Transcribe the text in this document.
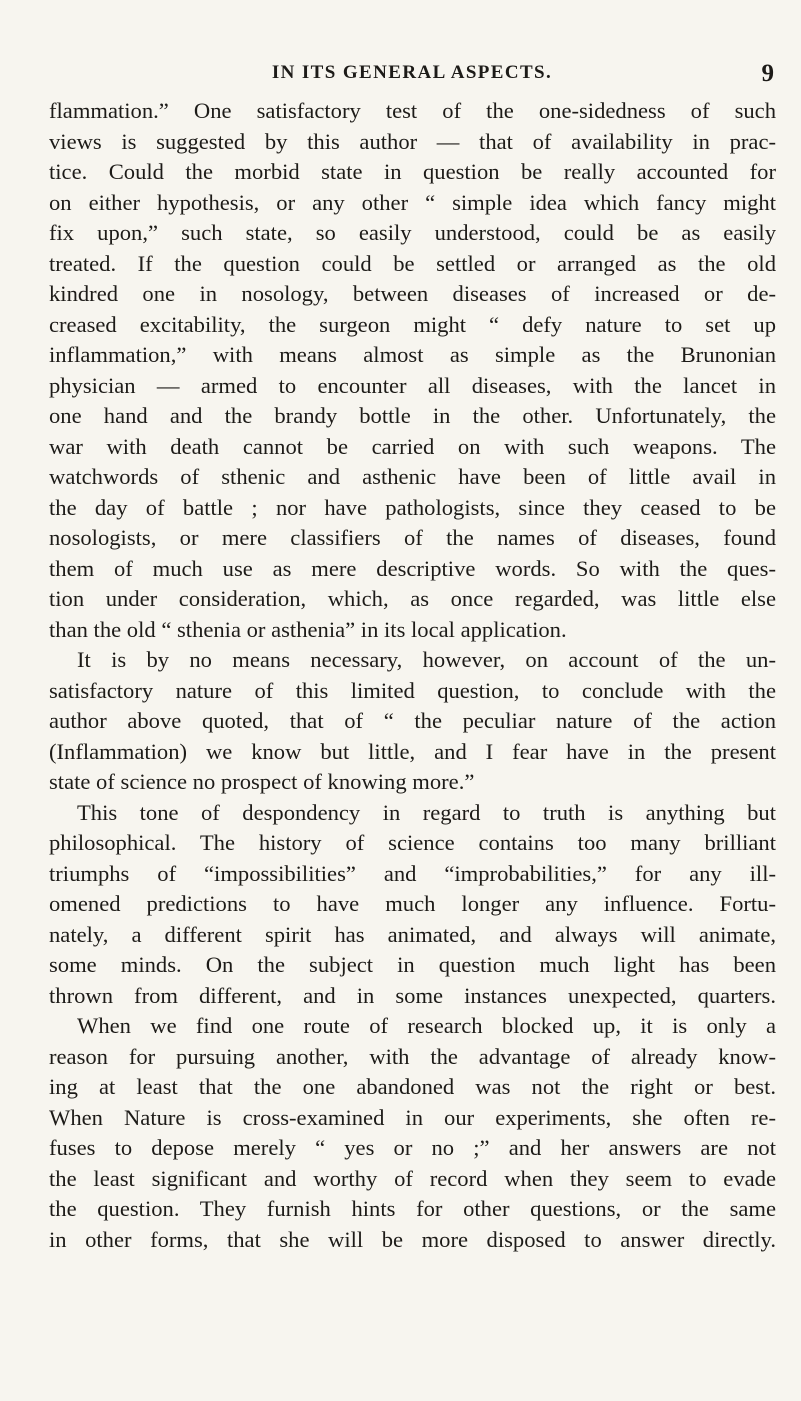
IN ITS GENERAL ASPECTS.	9
flammation.” One satisfactory test of the one-sidedness of such
views is suggested by this author — that of availability in prac-
tice. Could the morbid state in question be really accounted for
on either hypothesis, or any other “ simple idea which fancy might
fix upon,” such state, so easily understood, could be as easily
treated. If the question could be settled or arranged as the old
kindred one in nosology, between diseases of increased or de-
creased excitability, the surgeon might “ defy nature to set up
inflammation,” with means almost as simple as the Brunonian
physician — armed to encounter all diseases, with the lancet in
one hand and the brandy bottle in the other. Unfortunately, the
war with death cannot be carried on with such weapons. The
watchwords of sthenic and asthenic have been of little avail in
the day of battle ; nor have pathologists, since they ceased to be
nosologists, or mere classifiers of the names of diseases, found
them of much use as mere descriptive words. So with the ques-
tion under consideration, which, as once regarded, was little else
than the old “ sthenia or asthenia” in its local application.
It is by no means necessary, however, on account of the un-
satisfactory nature of this limited question, to conclude with the
author above quoted, that of “ the peculiar nature of the action
(Inflammation) we know but little, and I fear have in the present
state of science no prospect of knowing more.”
This tone of despondency in regard to truth is anything but
philosophical. The history of science contains too many brilliant
triumphs of “impossibilities” and “improbabilities,” for any ill-
omened predictions to have much longer any influence. Fortu-
nately, a different spirit has animated, and always will animate,
some minds. On the subject in question much light has been
thrown from different, and in some instances unexpected, quarters.
When we find one route of research blocked up, it is only a
reason for pursuing another, with the advantage of already know-
ing at least that the one abandoned was not the right or best.
When Nature is cross-examined in our experiments, she often re-
fuses to depose merely “ yes or no ;” and her answers are not
the least significant and worthy of record when they seem to evade
the question. They furnish hints for other questions, or the same
in other forms, that she will be more disposed to answer directly.
